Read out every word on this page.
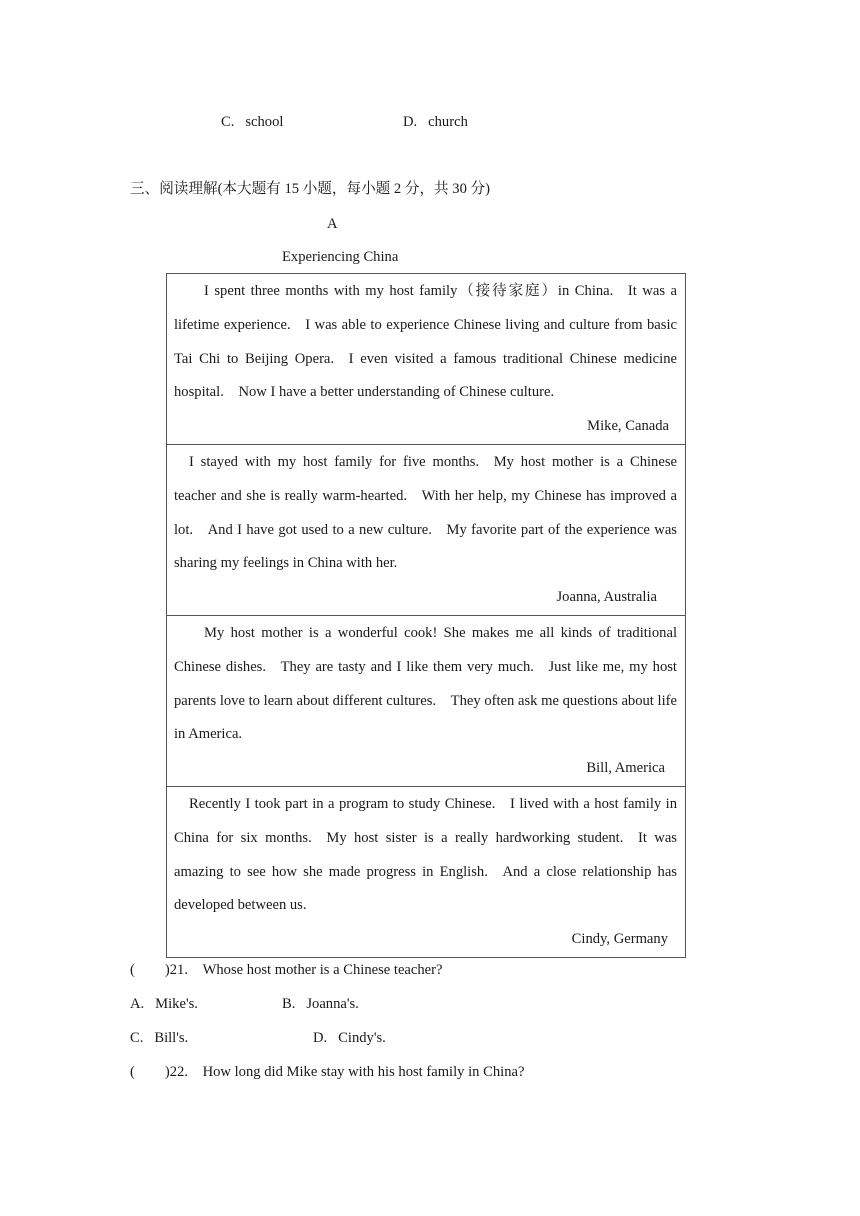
C. school	D. church
三、阅读理解(本大题有 15 小题，每小题 2 分，共 30 分)
A
Experiencing China
I spent three months with my host family（接待家庭）in China. It was a lifetime experience. I was able to experience Chinese living and culture from basic Tai Chi to Beijing Opera. I even visited a famous traditional Chinese medicine hospital. Now I have a better understanding of Chinese culture.
Mike, Canada

I stayed with my host family for five months. My host mother is a Chinese teacher and she is really warm-hearted. With her help, my Chinese has improved a lot. And I have got used to a new culture. My favorite part of the experience was sharing my feelings in China with her.
Joanna, Australia

My host mother is a wonderful cook! She makes me all kinds of traditional Chinese dishes. They are tasty and I like them very much. Just like me, my host parents love to learn about different cultures. They often ask me questions about life in America.
Bill, America

Recently I took part in a program to study Chinese. I lived with a host family in China for six months. My host sister is a really hardworking student. It was amazing to see how she made progress in English. And a close relationship has developed between us.
Cindy, Germany
( )21. Whose host mother is a Chinese teacher?
A. Mike's.	B. Joanna's.
C. Bill's.	D. Cindy's.
( )22. How long did Mike stay with his host family in China?
